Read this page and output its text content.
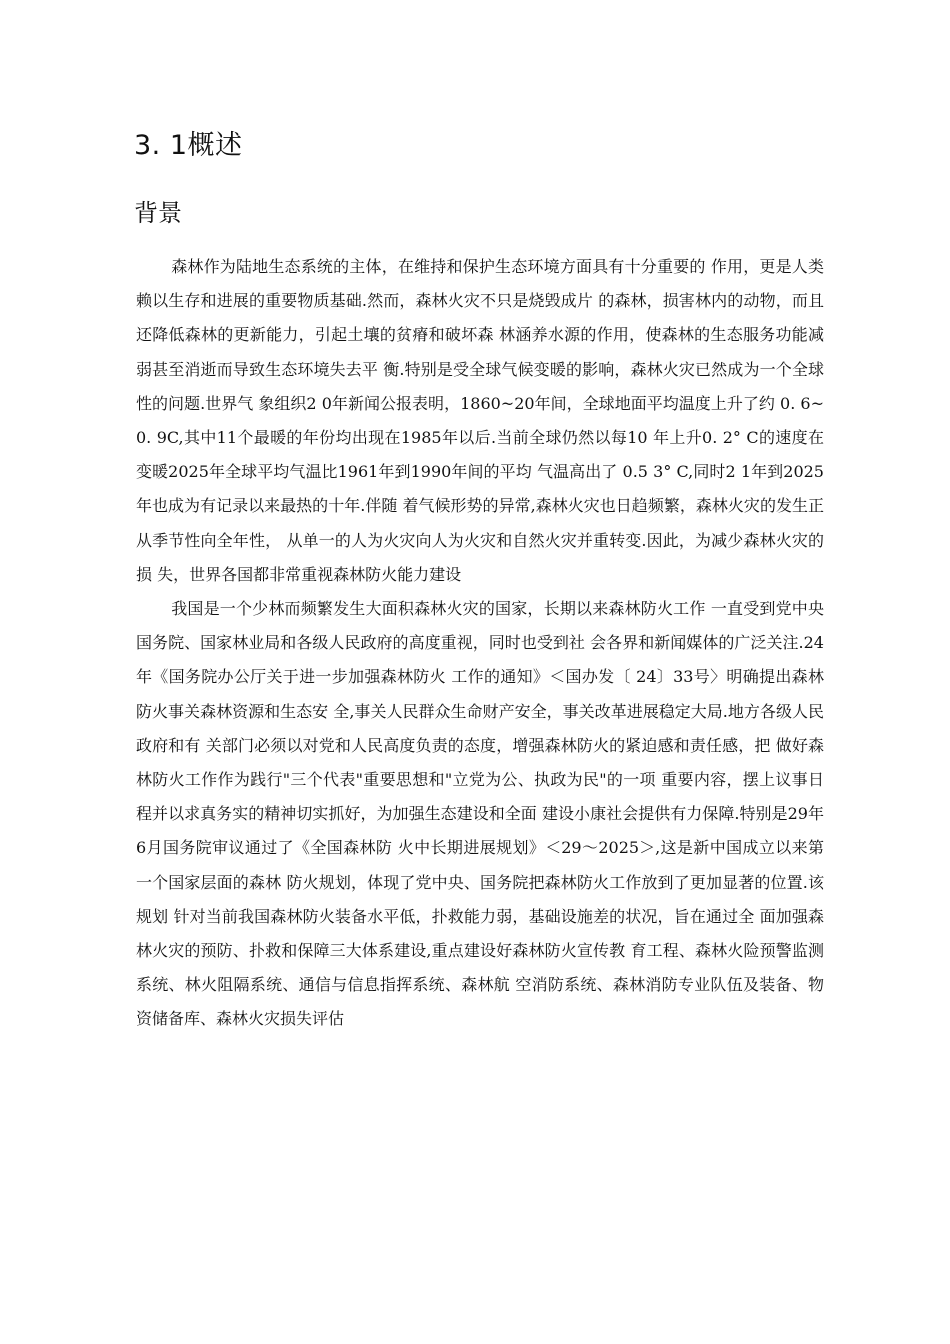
3. 1概述
背景

森林作为陆地生态系统的主体，在维持和保护生态环境方面具有十分重要的 作用，更是人类赖以生存和进展的重要物质基础.然而，森林火灾不只是烧毁成片 的森林，损害林内的动物，而且还降低森林的更新能力，引起土壤的贫瘠和破坏森 林涵养水源的作用，使森林的生态服务功能减弱甚至消逝而导致生态环境失去平 衡.特别是受全球气候变暖的影响，森林火灾已然成为一个全球性的问题.世界气 象组织2 0年新闻公报表明，1860~20年间，全球地面平均温度上升了约 0. 6~0. 9C,其中11个最暖的年份均出现在1985年以后.当前全球仍然以每10 年上升0. 2° C的速度在变暖2025年全球平均气温比1961年到1990年间的平均 气温高出了 0.5 3° C,同时2 1年到2025年也成为有记录以来最热的十年.伴随 着气候形势的异常,森林火灾也日趋频繁，森林火灾的发生正从季节性向全年性， 从单一的人为火灾向人为火灾和自然火灾并重转变.因此，为减少森林火灾的损 失，世界各国都非常重视森林防火能力建设

我国是一个少林而频繁发生大面积森林火灾的国家，长期以来森林防火工作 一直受到党中央国务院、国家林业局和各级人民政府的高度重视，同时也受到社 会各界和新闻媒体的广泛关注.24年《国务院办公厅关于进一步加强森林防火 工作的通知》＜国办发〔 24〕33号〉明确提出森林防火事关森林资源和生态安 全,事关人民群众生命财产安全，事关改革进展稳定大局.地方各级人民政府和有 关部门必须以对党和人民高度负责的态度，增强森林防火的紧迫感和责任感，把 做好森林防火工作作为践行"三个代表"重要思想和"立党为公、执政为民"的一项 重要内容，摆上议事日程并以求真务实的精神切实抓好，为加强生态建设和全面 建设小康社会提供有力保障.特别是29年6月国务院审议通过了《全国森林防 火中长期进展规划》＜29〜2025＞,这是新中国成立以来第一个国家层面的森林 防火规划，体现了党中央、国务院把森林防火工作放到了更加显著的位置.该规划 针对当前我国森林防火装备水平低，扑救能力弱，基础设施差的状况，旨在通过全 面加强森林火灾的预防、扑救和保障三大体系建设,重点建设好森林防火宣传教 育工程、森林火险预警监测系统、林火阻隔系统、通信与信息指挥系统、森林航 空消防系统、森林消防专业队伍及装备、物资储备库、森林火灾损失评估
